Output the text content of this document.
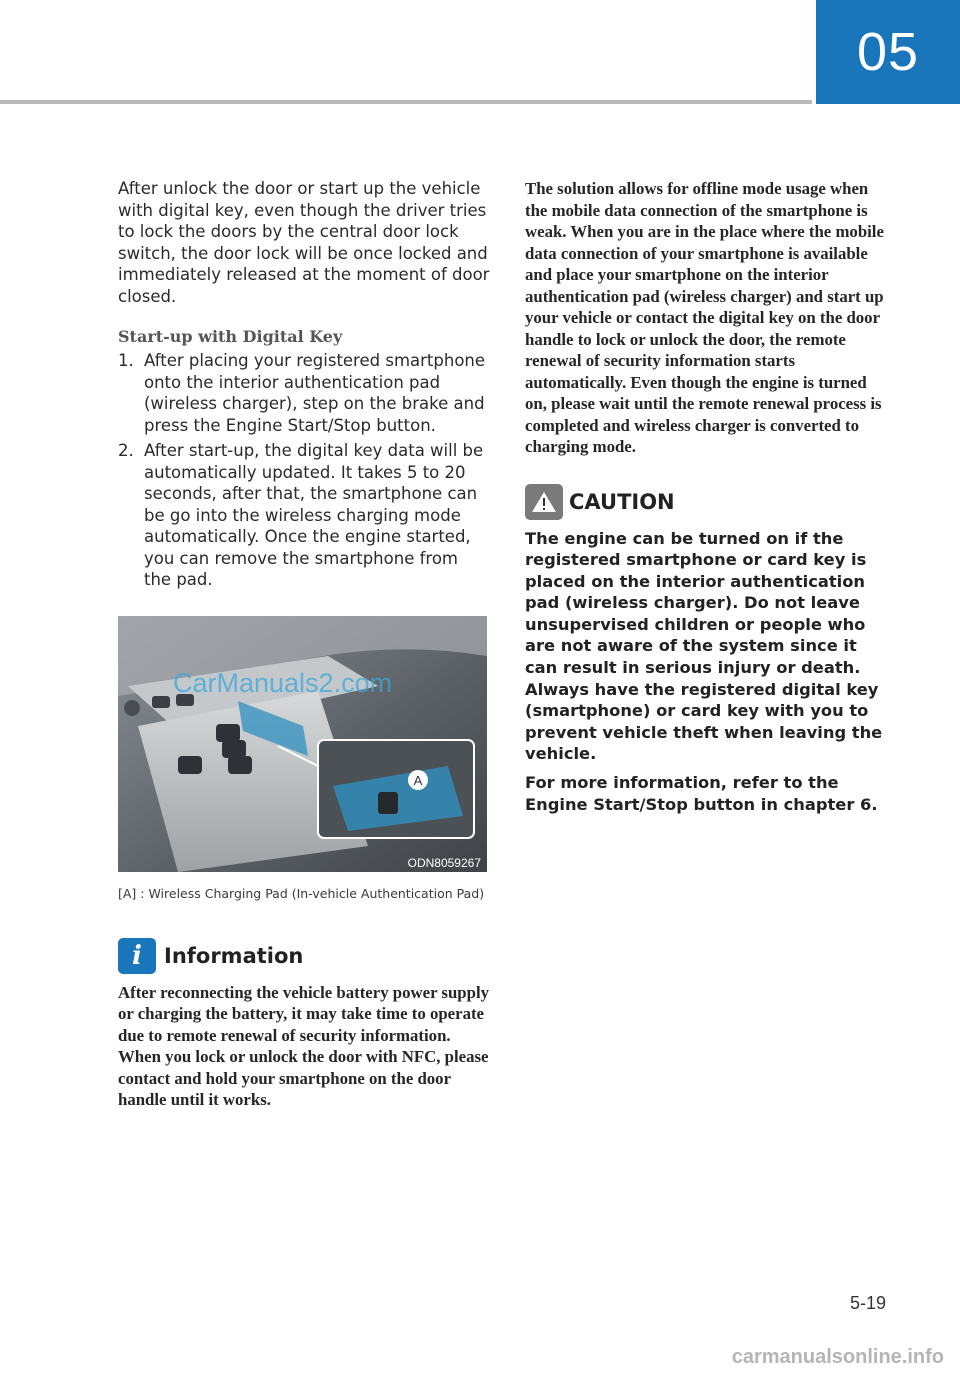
05
After unlock the door or start up the vehicle with digital key, even though the driver tries to lock the doors by the central door lock switch, the door lock will be once locked and immediately released at the moment of door closed.
Start-up with Digital Key
1. After placing your registered smartphone onto the interior authentication pad (wireless charger), step on the brake and press the Engine Start/Stop button.
2. After start-up, the digital key data will be automatically updated. It takes 5 to 20 seconds, after that, the smartphone can be go into the wireless charging mode automatically. Once the engine started, you can remove the smartphone from the pad.
A
CarManuals2.com
ODN8059267
[A] : Wireless Charging Pad (In-vehicle Authentication Pad)
i	Information
After reconnecting the vehicle battery power supply or charging the battery, it may take time to operate due to remote renewal of security information. When you lock or unlock the door with NFC, please contact and hold your smartphone on the door handle until it works.
The solution allows for offline mode usage when the mobile data connection of the smartphone is weak. When you are in the place where the mobile data connection of your smartphone is available and place your smartphone on the interior authentication pad (wireless charger) and start up your vehicle or contact the digital key on the door handle to lock or unlock the door, the remote renewal of security information starts automatically. Even though the engine is turned on, please wait until the remote renewal process is completed and wireless charger is converted to charging mode.
CAUTION

The engine can be turned on if the registered smartphone or card key is placed on the interior authentication pad (wireless charger). Do not leave unsupervised children or people who are not aware of the system since it can result in serious injury or death. Always have the registered digital key (smartphone) or card key with you to prevent vehicle theft when leaving the vehicle.

For more information, refer to the Engine Start/Stop button in chapter 6.

5-19
carmanualsonline.info
